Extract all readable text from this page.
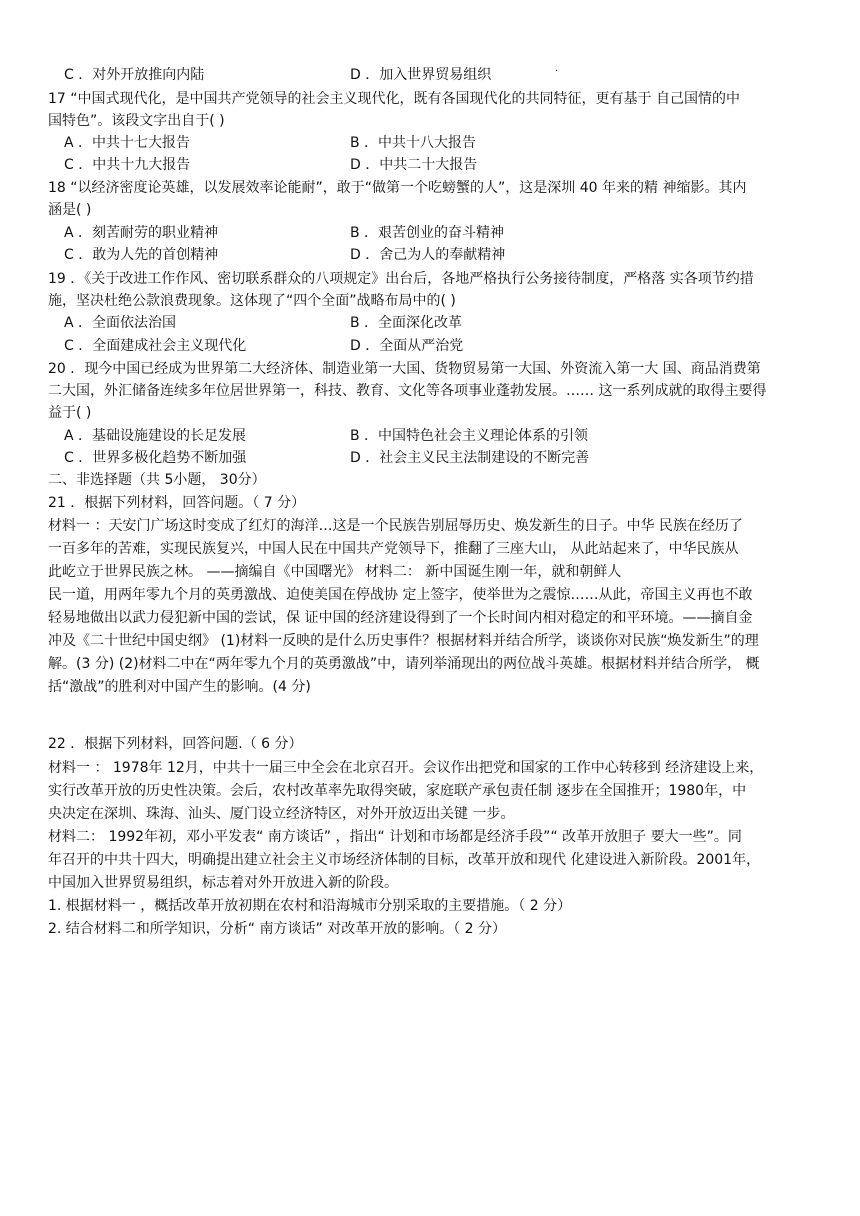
·
C ．对外开放推向内陆	D ．加入世界贸易组织
17 “中国式现代化，是中国共产党领导的社会主义现代化，既有各国现代化的共同特征，更有基于 自己国情的中
国特色”。该段文字出自于( )
A ．中共十七大报告	B ．中共十八大报告
C ．中共十九大报告	D ．中共二十大报告
18 “以经济密度论英雄，以发展效率论能耐”，敢于“做第一个吃螃蟹的人”，这是深圳 40 年来的精 神缩影。其内
涵是( )
A ．刻苦耐劳的职业精神	B ．艰苦创业的奋斗精神
C ．敢为人先的首创精神	D ．舍己为人的奉献精神
19 ．《关于改进工作作风、密切联系群众的八项规定》出台后，各地严格执行公务接待制度，严格落 实各项节约措
施，坚决杜绝公款浪费现象。这体现了“四个全面”战略布局中的( )
A ．全面依法治国	B ．全面深化改革
C ．全面建成社会主义现代化	D ．全面从严治党
20 ．现今中国已经成为世界第二大经济体、制造业第一大国、货物贸易第一大国、外资流入第一大 国、商品消费第
二大国，外汇储备连续多年位居世界第一，科技、教育、文化等各项事业蓬勃发展。…… 这一系列成就的取得主要得
益于( )
A ．基础设施建设的长足发展	B ．中国特色社会主义理论体系的引领
C ．世界多极化趋势不断加强	D ．社会主义民主法制建设的不断完善
二、非选择题（共 5小题， 30分）
21 ．根据下列材料，回答问题。（ 7 分）
材料一 ：天安门广场这时变成了红灯的海洋…这是一个民族告别屈辱历史、焕发新生的日子。中华 民族在经历了
一百多年的苦难，实现民族复兴，中国人民在中国共产党领导下，推翻了三座大山， 从此站起来了，中华民族从
此屹立于世界民族之林。 ——摘编自《中国曙光》 材料二： 新中国诞生刚一年，就和朝鲜人
民一道，用两年零九个月的英勇激战、迫使美国在停战协 定上签字，使举世为之震惊……从此，帝国主义再也不敢
轻易地做出以武力侵犯新中国的尝试，保 证中国的经济建设得到了一个长时间内相对稳定的和平环境。——摘自金
冲及《二十世纪中国史纲》 (1)材料一反映的是什么历史事件？根据材料并结合所学，谈谈你对民族“焕发新生”的理
解。(3 分) (2)材料二中在“两年零九个月的英勇激战”中，请列举涌现出的两位战斗英雄。根据材料并结合所学， 概
括“激战”的胜利对中国产生的影响。(4 分)
22 ．根据下列材料，回答问题.（ 6 分）
材料一 ： 1978年 12月，中共十一届三中全会在北京召开。会议作出把党和国家的工作中心转移到 经济建设上来，
实行改革开放的历史性决策。会后，农村改革率先取得突破，家庭联产承包责任制 逐步在全国推开；1980年，中
央决定在深圳、珠海、汕头、厦门设立经济特区，对外开放迈出关键 一步。
材料二： 1992年初，邓小平发表“ 南方谈话” ，指出“ 计划和市场都是经济手段”“ 改革开放胆子 要大一些”。同
年召开的中共十四大，明确提出建立社会主义市场经济体制的目标，改革开放和现代 化建设进入新阶段。2001年，
中国加入世界贸易组织，标志着对外开放进入新的阶段。
1. 根据材料一 ，概括改革开放初期在农村和沿海城市分别采取的主要措施。（ 2 分）
2. 结合材料二和所学知识，分析“ 南方谈话” 对改革开放的影响。（ 2 分）
